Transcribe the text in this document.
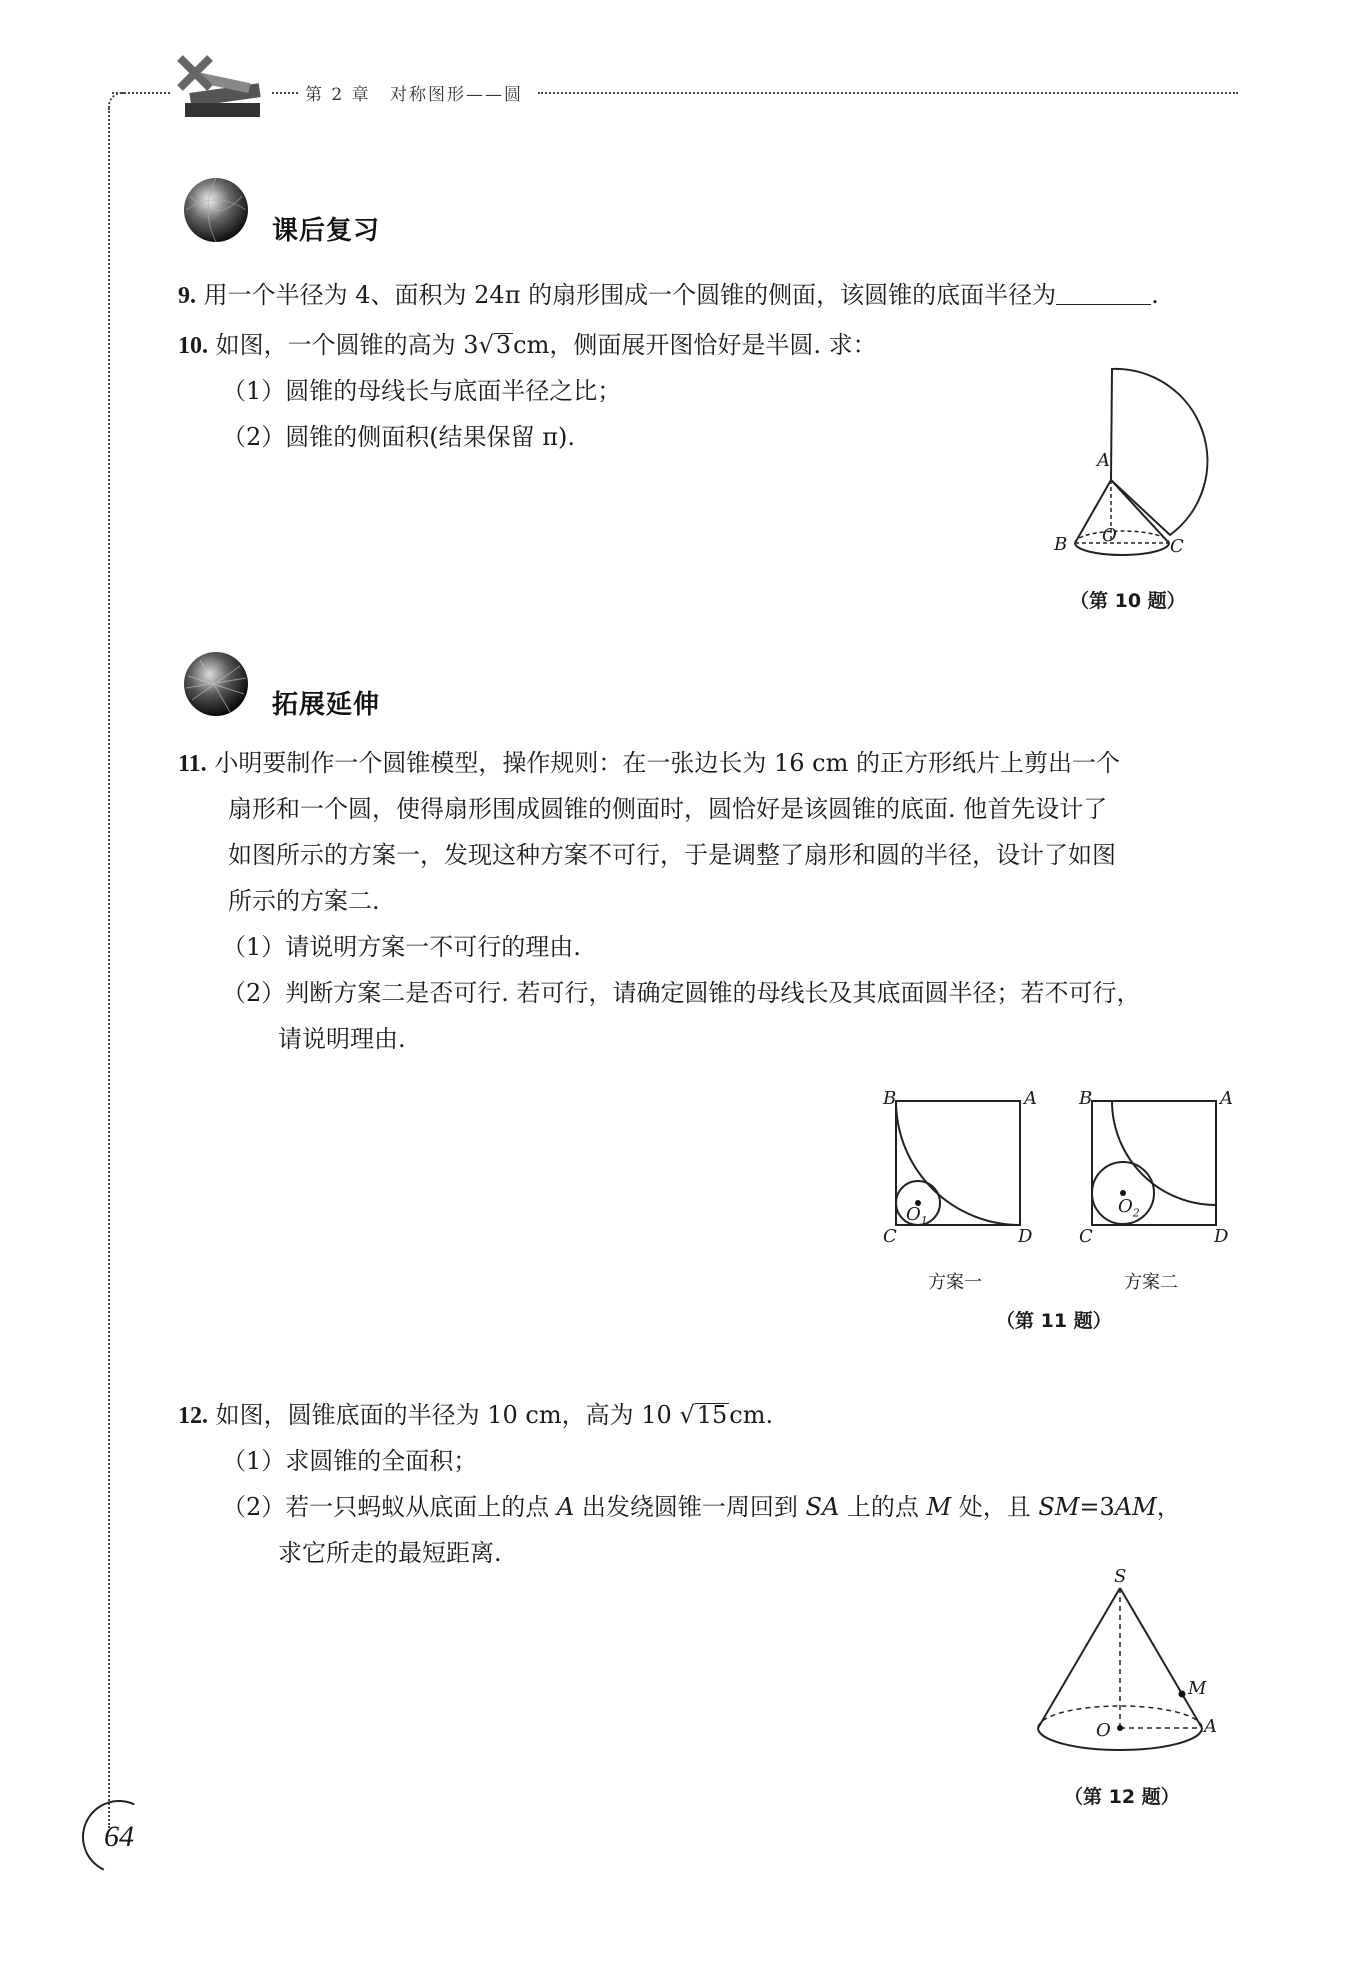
第 2 章 对称图形——圆
课后复习
9. 用一个半径为 4、面积为 24π 的扇形围成一个圆锥的侧面，该圆锥的底面半径为	.
10. 如图，一个圆锥的高为 3√3cm，侧面展开图恰好是半圆. 求：
（1）圆锥的母线长与底面半径之比；
（2）圆锥的侧面积(结果保留 π).
A
O
B	C
（第 10 题）
拓展延伸
11. 小明要制作一个圆锥模型，操作规则：在一张边长为 16 cm 的正方形纸片上剪出一个
扇形和一个圆，使得扇形围成圆锥的侧面时，圆恰好是该圆锥的底面. 他首先设计了
如图所示的方案一，发现这种方案不可行，于是调整了扇形和圆的半径，设计了如图
所示的方案二.
（1）请说明方案一不可行的理由.
（2）判断方案二是否可行. 若可行，请确定圆锥的母线长及其底面圆半径；若不可行，
请说明理由.
B	A
C	D
$O_1$
B	A
C	D
$O_2$
方案一	方案二
（第 11 题）
12. 如图，圆锥底面的半径为 10 cm，高为 10 √15cm.
（1）求圆锥的全面积；
（2）若一只蚂蚁从底面上的点 A 出发绕圆锥一周回到 SA 上的点 M 处，且 SM=3AM，
求它所走的最短距离.
S
M
O	A
（第 12 题）
64
